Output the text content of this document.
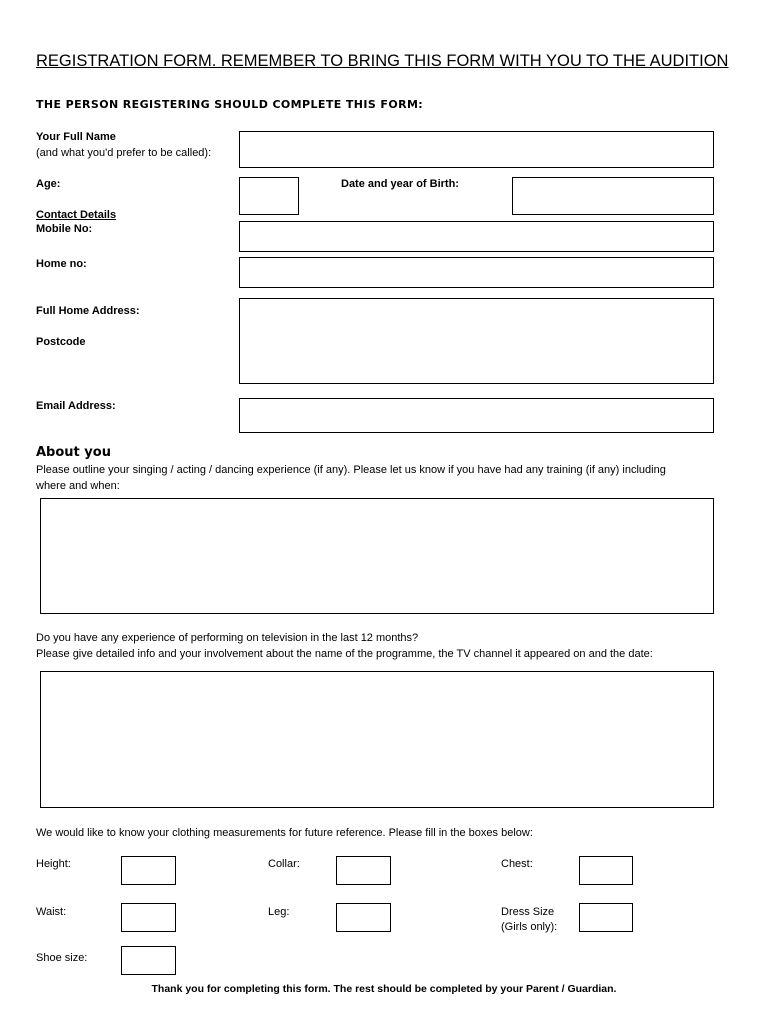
REGISTRATION FORM. REMEMBER TO BRING THIS FORM WITH YOU TO THE AUDITION
THE PERSON REGISTERING SHOULD COMPLETE THIS FORM:
Your Full Name
(and what you'd prefer to be called):
Age:	Date and year of Birth:
Contact Details
Mobile No:
Home no:
Full Home Address:
Postcode
Email Address:
About you
Please outline your singing / acting / dancing experience (if any). Please let us know if you have had any training (if any) including
where and when:
Do you have any experience of performing on television in the last 12 months?
Please give detailed info and your involvement about the name of the programme, the TV channel it appeared on and the date:
We would like to know your clothing measurements for future reference. Please fill in the boxes below:
Height:	Collar:	Chest:
Waist:	Leg:	Dress Size
(Girls only):
Shoe size:
Thank you for completing this form. The rest should be completed by your Parent / Guardian.
